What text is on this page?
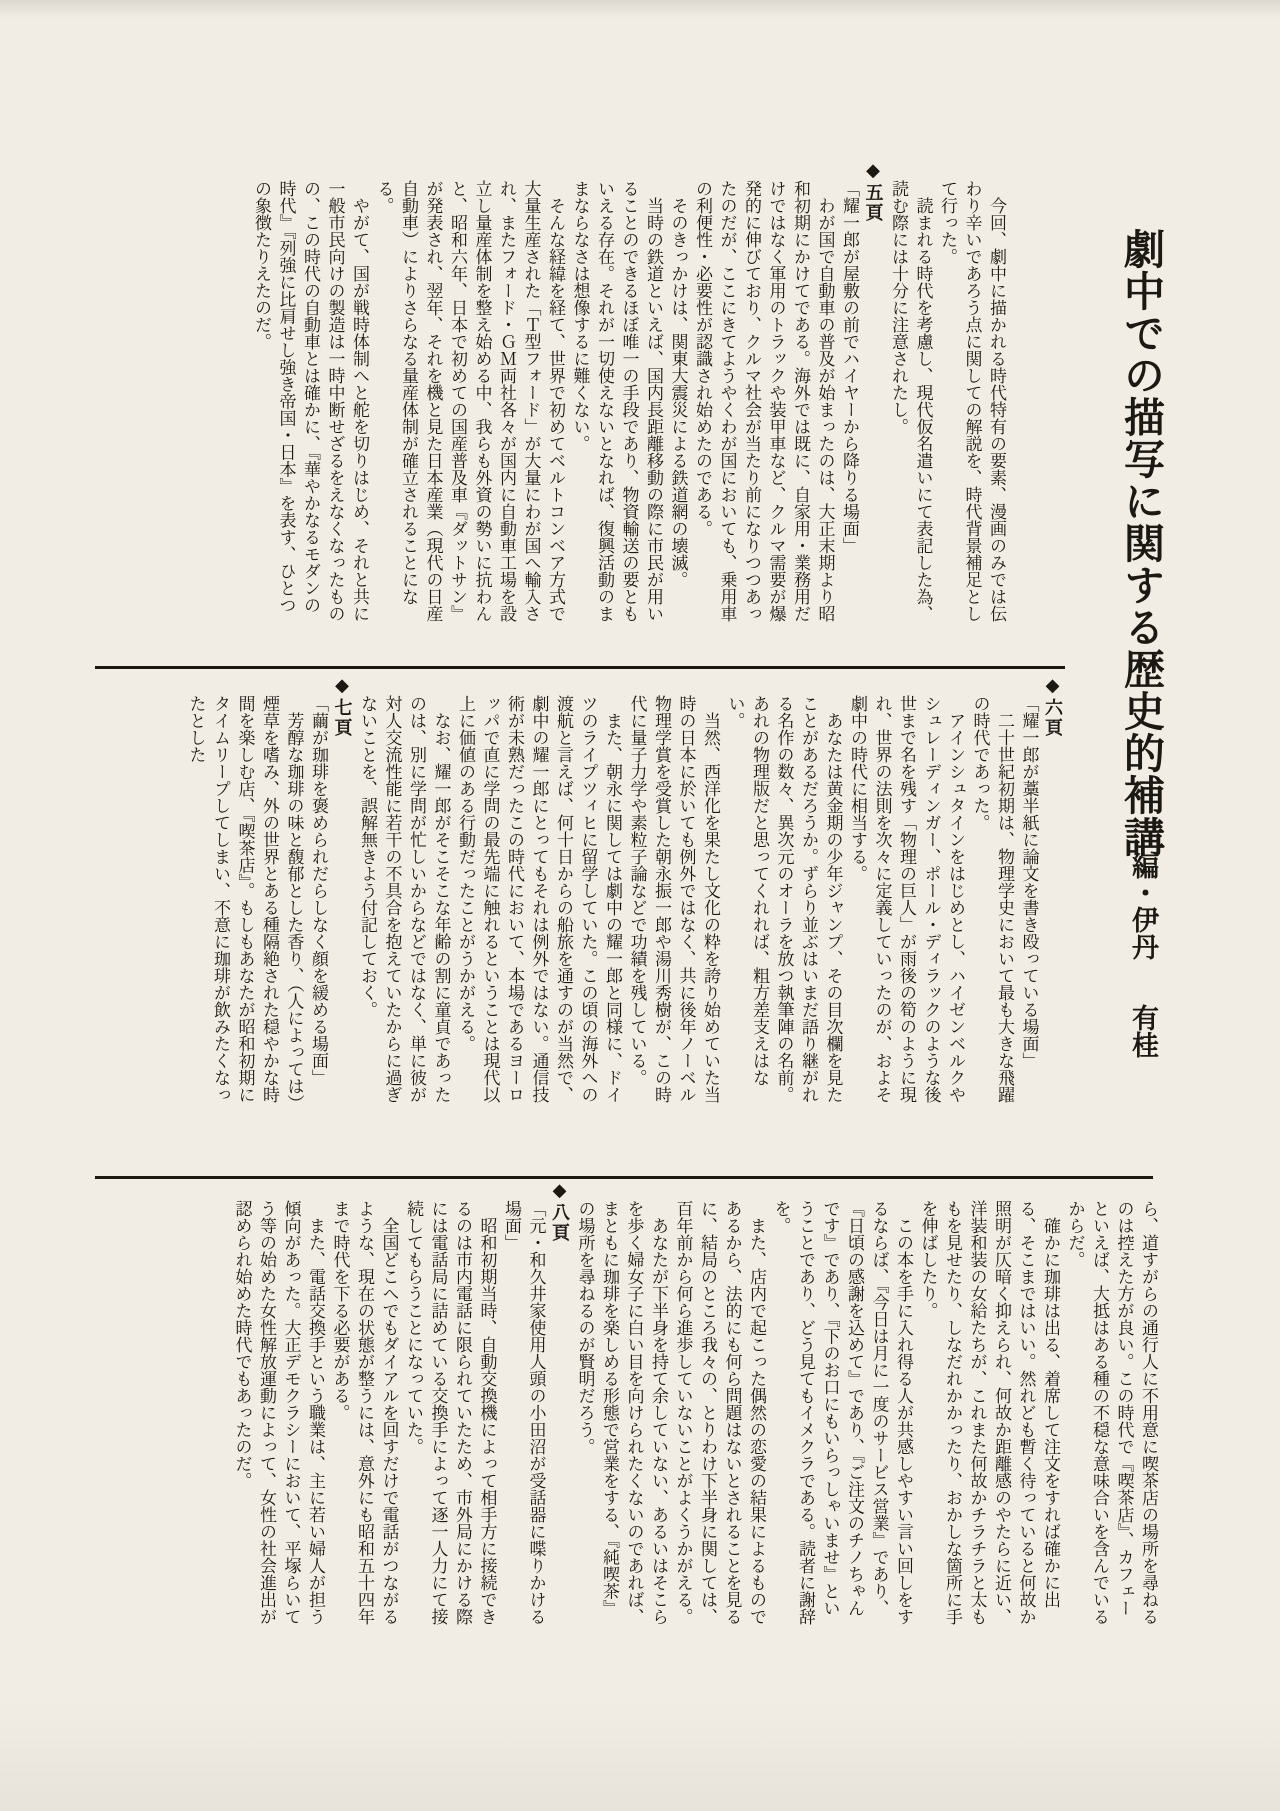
劇中での描写に関する歴史的補講
編・伊丹有桂

今回、劇中に描かれる時代特有の要素、漫画のみでは伝わり辛いであろう点に関しての解説を、時代背景補足として行った。

読まれる時代を考慮し、現代仮名遣いにて表記した為、読む際には十分に注意されたし。

◆五頁

「耀一郎が屋敷の前でハイヤーから降りる場面」

わが国で自動車の普及が始まったのは、大正末期より昭和初期にかけてである。海外では既に、自家用・業務用だけではなく軍用のトラックや装甲車など、クルマ需要が爆発的に伸びており、クルマ社会が当たり前になりつつあったのだが、ここにきてようやくわが国においても、乗用車の利便性・必要性が認識され始めたのである。

そのきっかけは、関東大震災による鉄道網の壊滅。

当時の鉄道といえば、国内長距離移動の際に市民が用いることのできるほぼ唯一の手段であり、物資輸送の要ともいえる存在。それが一切使えないとなれば、復興活動のままならなさは想像するに難くない。

そんな経緯を経て、世界で初めてベルトコンベア方式で大量生産された「Ｔ型フォード」が大量にわが国へ輸入され、またフォード・ＧＭ両社各々が国内に自動車工場を設立し量産体制を整え始める中、我らも外資の勢いに抗わんと、昭和六年、日本で初めての国産普及車『ダットサン』が発表され、翌年、それを機と見た日本産業（現代の日産自動車）によりさらなる量産体制が確立されることになる。

やがて、国が戦時体制へと舵を切りはじめ、それと共に一般市民向けの製造は一時中断せざるをえなくなったものの、この時代の自動車とは確かに、『華やかなるモダンの時代』『列強に比肩せし強き帝国・日本』を表す、ひとつの象徴たりえたのだ。

◆六頁

「耀一郎が藁半紙に論文を書き殴っている場面」

二十世紀初期は、物理学史において最も大きな飛躍の時代であった。

アインシュタインをはじめとし、ハイゼンベルクやシュレーディンガー、ポール・ディラックのような後世まで名を残す「物理の巨人」が雨後の筍のように現れ、世界の法則を次々に定義していったのが、およそ劇中の時代に相当する。

あなたは黄金期の少年ジャンプ、その目次欄を見たことがあるだろうか。ずらり並ぶはいまだ語り継がれる名作の数々、異次元のオーラを放つ執筆陣の名前。あれの物理版だと思ってくれれば、粗方差支えはない。

当然、西洋化を果たし文化の粋を誇り始めていた当時の日本に於いても例外ではなく、共に後年ノーベル物理学賞を受賞した朝永振一郎や湯川秀樹が、この時代に量子力学や素粒子論などで功績を残している。

また、朝永に関しては劇中の耀一郎と同様に、ドイツのライプツィヒに留学していた。この頃の海外への渡航と言えば、何十日からの船旅を通すのが当然で、劇中の耀一郎にとってもそれは例外ではない。通信技術が未熟だったこの時代において、本場であるヨーロッパで直に学問の最先端に触れるということは現代以上に価値のある行動だったことがうかがえる。

なお、耀一郎がそこそこな年齢の割に童貞であったのは、別に学問が忙しいからなどではなく、単に彼が対人交流性能に若干の不具合を抱えていたからに過ぎないことを、誤解無きよう付記しておく。

◆七頁

「繭が珈琲を褒められだらしなく顔を緩める場面」

芳醇な珈琲の味と馥郁とした香り、（人によっては）煙草を嗜み、外の世界とある種隔絶された穏やかな時間を楽しむ店、『喫茶店』。もしもあなたが昭和初期にタイムリープしてしまい、不意に珈琲が飲みたくなったとした

ら、道すがらの通行人に不用意に喫茶店の場所を尋ねるのは控えた方が良い。この時代で『喫茶店』、カフェーといえば、大抵はある種の不穏な意味合いを含んでいるからだ。

確かに珈琲は出る、着席して注文をすれば確かに出る、そこまではいい。然れども暫く待っていると何故か照明が仄暗く抑えられ、何故か距離感のやたらに近い、洋装和装の女給たちが、これまた何故かチラチラと太ももを見せたり、しなだれかかったり、おかしな箇所に手を伸ばしたり。

この本を手に入れ得る人が共感しやすい言い回しをするならば、『今日は月に一度のサービス営業』であり、『日頃の感謝を込めて』であり、『ご注文のチノちゃんです』であり、『下のお口にもいらっしゃいませ』ということであり、どう見てもイメクラである。読者に謝辞を。

また、店内で起こった偶然の恋愛の結果によるものであるから、法的にも何ら問題はないとされることを見るに、結局のところ我々の、とりわけ下半身に関しては、百年前から何ら進歩していないことがよくうかがえる。

あなたが下半身を持て余していない、あるいはそこらを歩く婦女子に白い目を向けられたくないのであれば、まともに珈琲を楽しめる形態で営業をする、『純喫茶』の場所を尋ねるのが賢明だろう。

◆八頁

「元・和久井家使用人頭の小田沼が受話器に喋りかける場面」

昭和初期当時、自動交換機によって相手方に接続できるのは市内電話に限られていたため、市外局にかける際には電話局に詰めている交換手によって逐一人力にて接続してもらうことになっていた。

全国どこへでもダイアルを回すだけで電話がつながるような、現在の状態が整うには、意外にも昭和五十四年まで時代を下る必要がある。

また、電話交換手という職業は、主に若い婦人が担う傾向があった。大正デモクラシーにおいて、平塚らいてう等の始めた女性解放運動によって、女性の社会進出が認められ始めた時代でもあったのだ。
